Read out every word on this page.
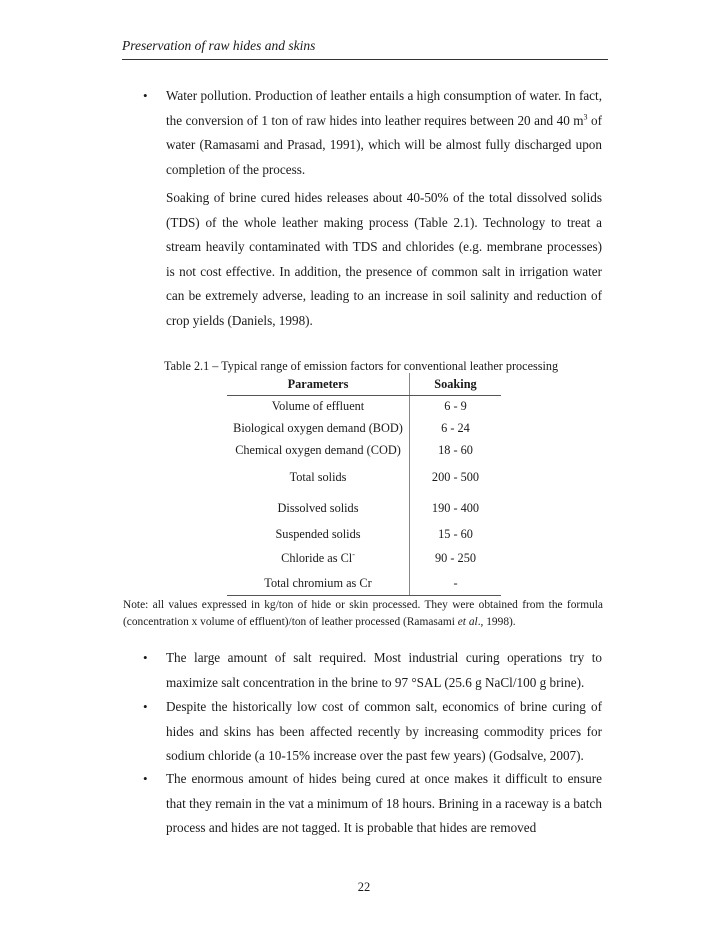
Preservation of raw hides and skins
• Water pollution. Production of leather entails a high consumption of water. In fact, the conversion of 1 ton of raw hides into leather requires between 20 and 40 $m^3$ of water (Ramasami and Prasad, 1991), which will be almost fully discharged upon completion of the process.
Soaking of brine cured hides releases about 40-50% of the total dissolved solids (TDS) of the whole leather making process (Table 2.1). Technology to treat a stream heavily contaminated with TDS and chlorides (e.g. membrane processes) is not cost effective. In addition, the presence of common salt in irrigation water can be extremely adverse, leading to an increase in soil salinity and reduction of crop yields (Daniels, 1998).
Table 2.1 – Typical range of emission factors for conventional leather processing
Parameters	Soaking
Volume of effluent	6 - 9
Biological oxygen demand (BOD)	6 - 24
Chemical oxygen demand (COD)	18 - 60
Total solids	200 - 500
Dissolved solids	190 - 400
Suspended solids	15 - 60
Chloride as Cl-	90 - 250
Total chromium as Cr	-
Note: all values expressed in kg/ton of hide or skin processed. They were obtained from the formula (concentration x volume of effluent)/ton of leather processed (Ramasami et al., 1998).
• The large amount of salt required. Most industrial curing operations try to maximize salt concentration in the brine to 97 °SAL (25.6 g NaCl/100 g brine).
• Despite the historically low cost of common salt, economics of brine curing of hides and skins has been affected recently by increasing commodity prices for sodium chloride (a 10-15% increase over the past few years) (Godsalve, 2007).
• The enormous amount of hides being cured at once makes it difficult to ensure that they remain in the vat a minimum of 18 hours. Brining in a raceway is a batch process and hides are not tagged. It is probable that hides are removed
22
